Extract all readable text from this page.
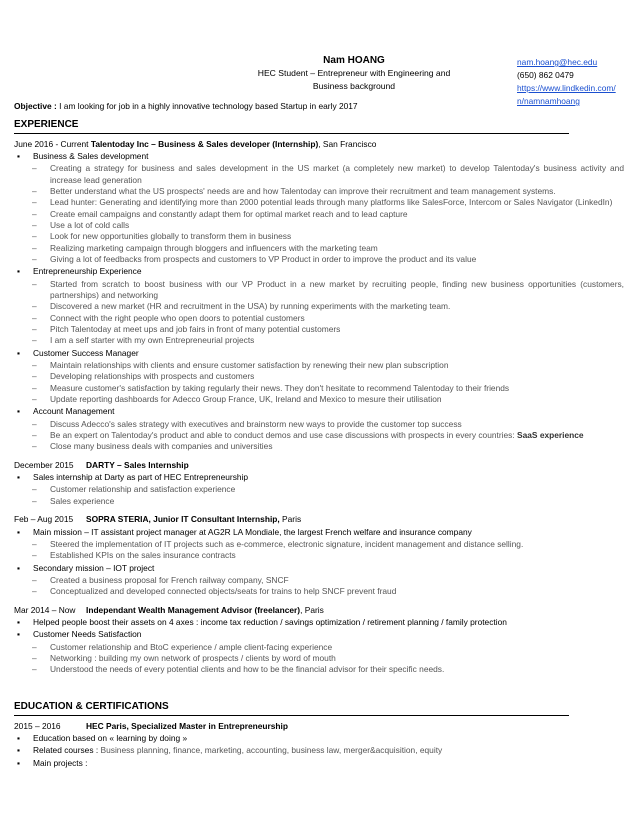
Nam HOANG
HEC Student – Entrepreneur with Engineering and
Business background
nam.hoang@hec.edu
(650) 862 0479
https://www.lindkedin.com/
n/namnamhoang
Objective : I am looking for job in a highly innovative technology based Startup in early 2017
EXPERIENCE
June 2016 - Current Talentoday Inc – Business & Sales developer (Internship), San Francisco
▪ Business & Sales development
– Creating a strategy for business and sales development in the US market (a completely new market) to develop Talentoday's business activity and increase lead generation
– Better understand what the US prospects' needs are and how Talentoday can improve their recruitment and team management systems.
– Lead hunter: Generating and identifying more than 2000 potential leads through many platforms like SalesForce, Intercom or Sales Navigator (LinkedIn)
– Create email campaigns and constantly adapt them for optimal market reach and to lead capture
– Use a lot of cold calls
– Look for new opportunities globally to transform them in business
– Realizing marketing campaign through bloggers and influencers with the marketing team
– Giving a lot of feedbacks from prospects and customers to VP Product in order to improve the product and its value
▪ Entrepreneurship Experience
– Started from scratch to boost business with our VP Product in a new market by recruiting people, finding new business opportunities (customers, partnerships) and networking
– Discovered a new market (HR and recruitment in the USA) by running experiments with the marketing team.
– Connect with the right people who open doors to potential customers
– Pitch Talentoday at meet ups and job fairs in front of many potential customers
– I am a self starter with my own Entrepreneurial projects
▪ Customer Success Manager
– Maintain relationships with clients and ensure customer satisfaction by renewing their new plan subscription
– Developing relationships with prospects and customers
– Measure customer's satisfaction by taking regularly their news. They don't hesitate to recommend Talentoday to their friends
– Update reporting dashboards for Adecco Group France, UK, Ireland and Mexico to mesure their utilisation
▪ Account Management
– Discuss Adecco's sales strategy with executives and brainstorm new ways to provide the customer top success
– Be an expert on Talentoday's product and able to conduct demos and use case discussions with prospects in every countries: SaaS experience
– Close many business deals with companies and universities
December 2015 DARTY – Sales Internship
▪ Sales internship at Darty as part of HEC Entrepreneurship
– Customer relationship and satisfaction experience
– Sales experience
Feb – Aug 2015 SOPRA STERIA, Junior IT Consultant Internship, Paris
▪ Main mission – IT assistant project manager at AG2R LA Mondiale, the largest French welfare and insurance company
– Steered the implementation of IT projects such as e-commerce, electronic signature, incident management and distance selling.
– Established KPIs on the sales insurance contracts
▪ Secondary mission – IOT project
– Created a business proposal for French railway company, SNCF
– Conceptualized and developed connected objects/seats for trains to help SNCF prevent fraud
Mar 2014 – Now Independant Wealth Management Advisor (freelancer), Paris
▪ Helped people boost their assets on 4 axes : income tax reduction / savings optimization / retirement planning / family protection
▪ Customer Needs Satisfaction
– Customer relationship and BtoC experience / ample client-facing experience
– Networking : building my own network of prospects / clients by word of mouth
– Understood the needs of every potential clients and how to be the financial advisor for their specific needs.
EDUCATION & CERTIFICATIONS
2015 – 2016	HEC Paris, Specialized Master in Entrepreneurship
▪ Education based on « learning by doing »
▪ Related courses : Business planning, finance, marketing, accounting, business law, merger&acquisition, equity
▪ Main projects :
